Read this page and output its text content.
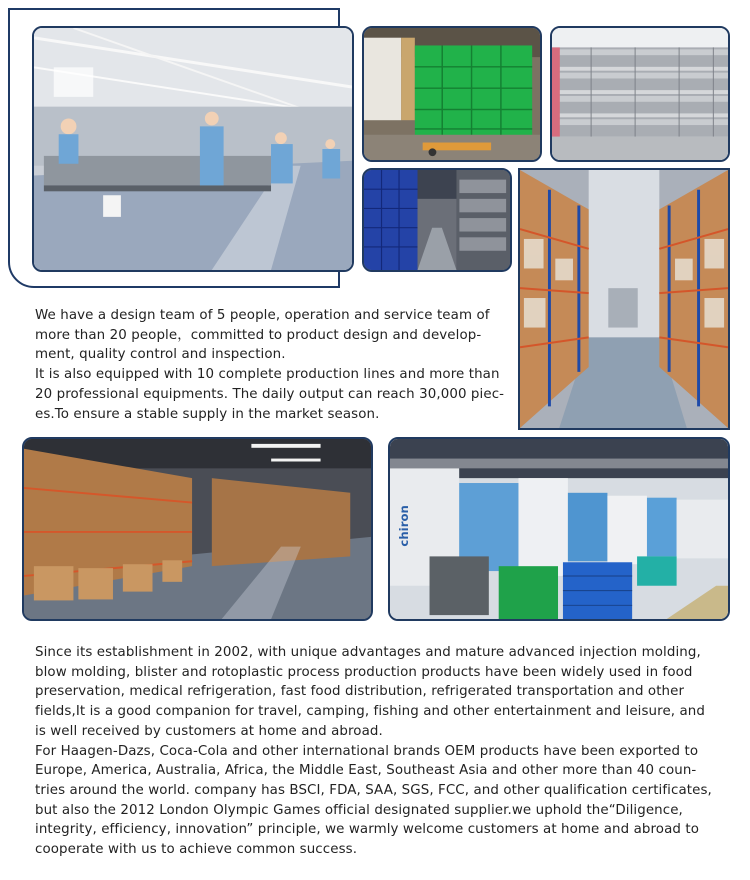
We have a design team of 5 people, operation and service team of more than 20 people，committed to product design and develop-ment, quality control and inspection.

It is also equipped with 10 complete production lines and more than 20 professional equipments. The daily output can reach 30,000 piec-es.To ensure a stable supply in the market season.

chiron

Since its establishment in 2002, with unique advantages and mature advanced injection molding, blow molding, blister and rotoplastic process production products have been widely used in food preservation, medical refrigeration, fast food distribution, refrigerated transportation and other fields,It is a good companion for travel, camping, fishing and other entertainment and leisure, and is well received by customers at home and abroad.

For Haagen-Dazs, Coca-Cola and other international brands OEM products have been exported to Europe, America, Australia, Africa, the Middle East, Southeast Asia and other more than 40 coun-tries around the world. company has BSCI, FDA, SAA, SGS, FCC, and other qualification certificates, but also the 2012 London Olympic Games official designated supplier.we uphold the“Diligence, integrity, efficiency, innovation” principle, we warmly welcome customers at home and abroad to cooperate with us to achieve common success.
